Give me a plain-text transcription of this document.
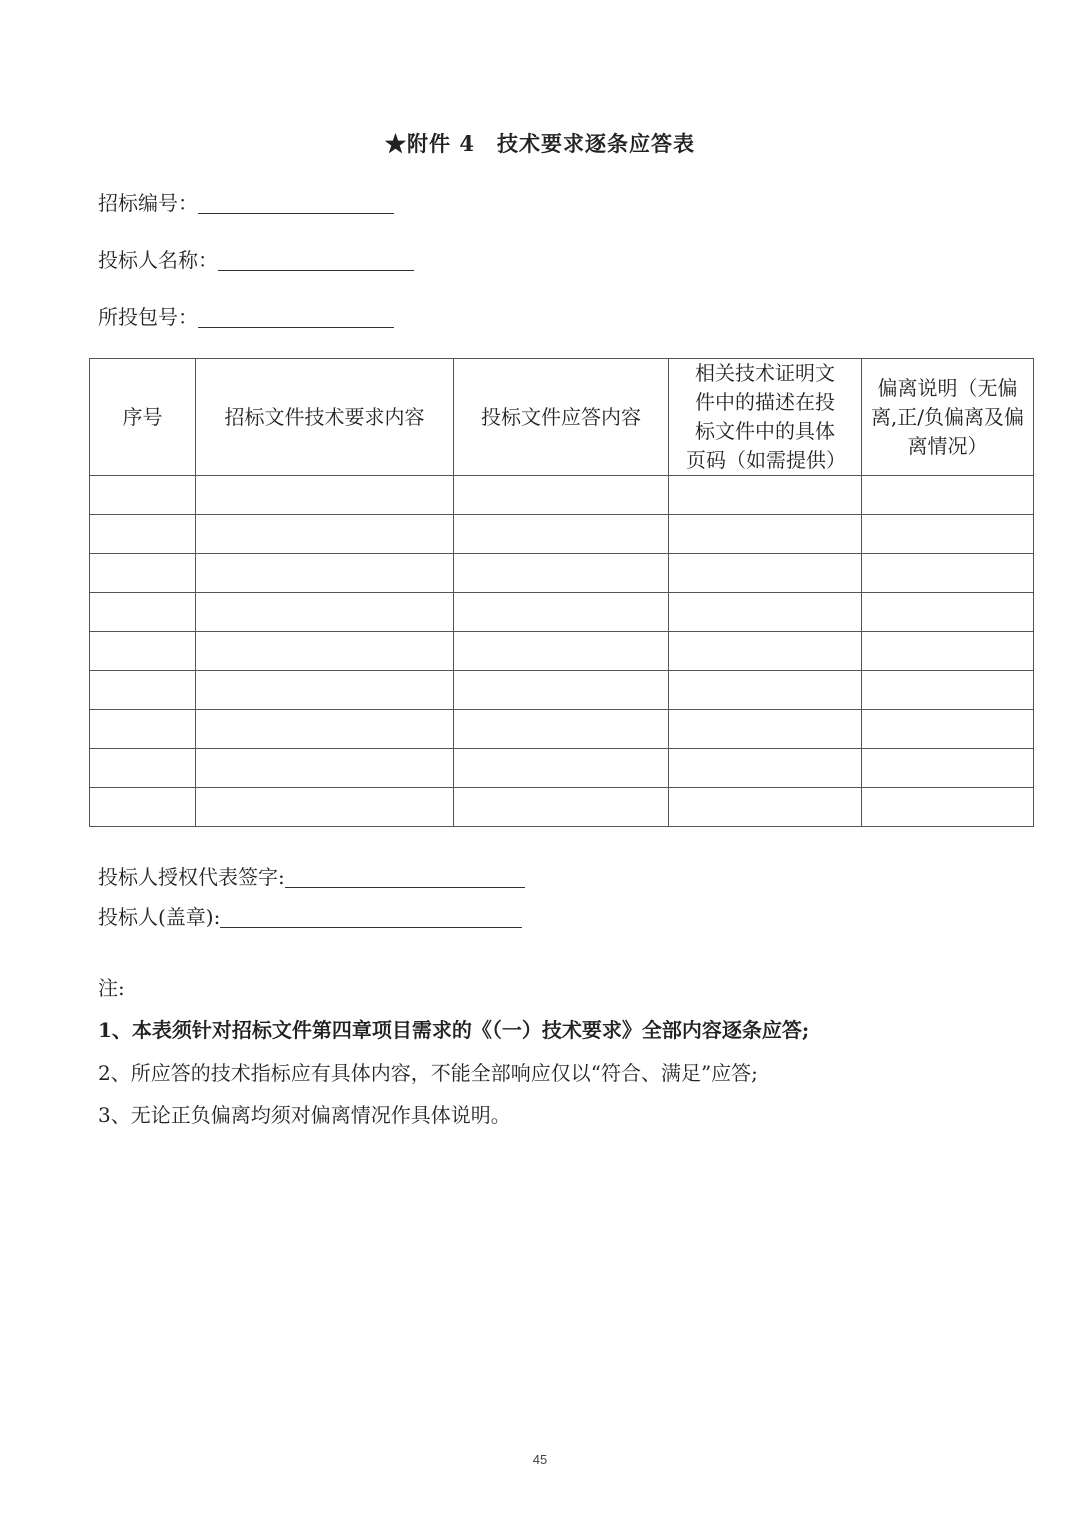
★附件 4　技术要求逐条应答表
招标编号：
投标人名称：
所投包号：
序号	招标文件技术要求内容	投标文件应答内容	相关技术证明文件中的描述在投标文件中的具体页码（如需提供）	偏离说明（无偏离,正/负偏离及偏离情况）

投标人授权代表签字:
投标人(盖章):
注:
1、本表须针对招标文件第四章项目需求的《（一）技术要求》全部内容逐条应答;
2、所应答的技术指标应有具体内容，不能全部响应仅以“符合、满足”应答;
3、无论正负偏离均须对偏离情况作具体说明。
45
